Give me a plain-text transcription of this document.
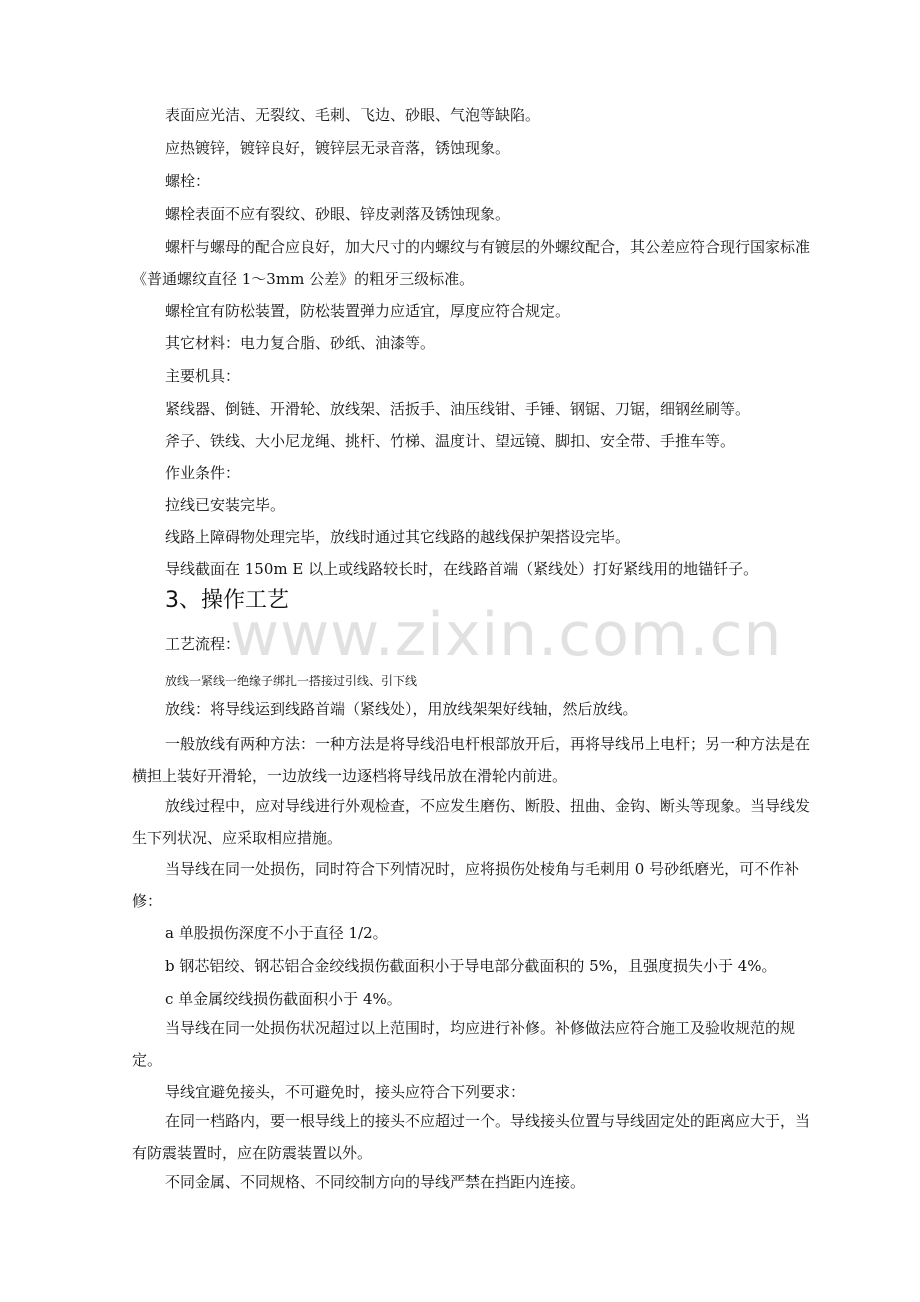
www.zixin.com.cn

表面应光洁、无裂纹、毛刺、飞边、砂眼、气泡等缺陷。

应热镀锌，镀锌良好，镀锌层无录音落，锈蚀现象。

螺栓：

螺栓表面不应有裂纹、砂眼、锌皮剥落及锈蚀现象。

螺杆与螺母的配合应良好，加大尺寸的内螺纹与有镀层的外螺纹配合，其公差应符合现行国家标准《普通螺纹直径 1～3mm 公差》的粗牙三级标准。

螺栓宜有防松装置，防松装置弹力应适宜，厚度应符合规定。

其它材料：电力复合脂、砂纸、油漆等。

主要机具：

紧线器、倒链、开滑轮、放线架、活扳手、油压线钳、手锤、钢锯、刀锯，细钢丝刷等。

斧子、铁线、大小尼龙绳、挑杆、竹梯、温度计、望远镜、脚扣、安全带、手推车等。

作业条件：

拉线已安装完毕。

线路上障碍物处理完毕，放线时通过其它线路的越线保护架搭设完毕。

导线截面在 150m E 以上或线路较长时，在线路首端（紧线处）打好紧线用的地锚钎子。

3、操作工艺

工艺流程：

放线一紧线一绝缘子绑扎一搭接过引线、引下线

放线：将导线运到线路首端（紧线处），用放线架架好线轴，然后放线。

一般放线有两种方法：一种方法是将导线沿电杆根部放开后，再将导线吊上电杆；另一种方法是在横担上装好开滑轮，一边放线一边逐档将导线吊放在滑轮内前进。

放线过程中，应对导线进行外观检查，不应发生磨伤、断股、扭曲、金钩、断头等现象。当导线发生下列状况、应采取相应措施。

当导线在同一处损伤，同时符合下列情况时，应将损伤处棱角与毛刺用 0 号砂纸磨光，可不作补修：

a 单股损伤深度不小于直径 1/2。

b 钢芯铝绞、钢芯铝合金绞线损伤截面积小于导电部分截面积的 5%，且强度损失小于 4%。

c 单金属绞线损伤截面积小于 4%。

当导线在同一处损伤状况超过以上范围时，均应进行补修。补修做法应符合施工及验收规范的规定。

导线宜避免接头，不可避免时，接头应符合下列要求：

在同一档路内，要一根导线上的接头不应超过一个。导线接头位置与导线固定处的距离应大于，当有防震装置时，应在防震装置以外。

不同金属、不同规格、不同绞制方向的导线严禁在挡距内连接。
